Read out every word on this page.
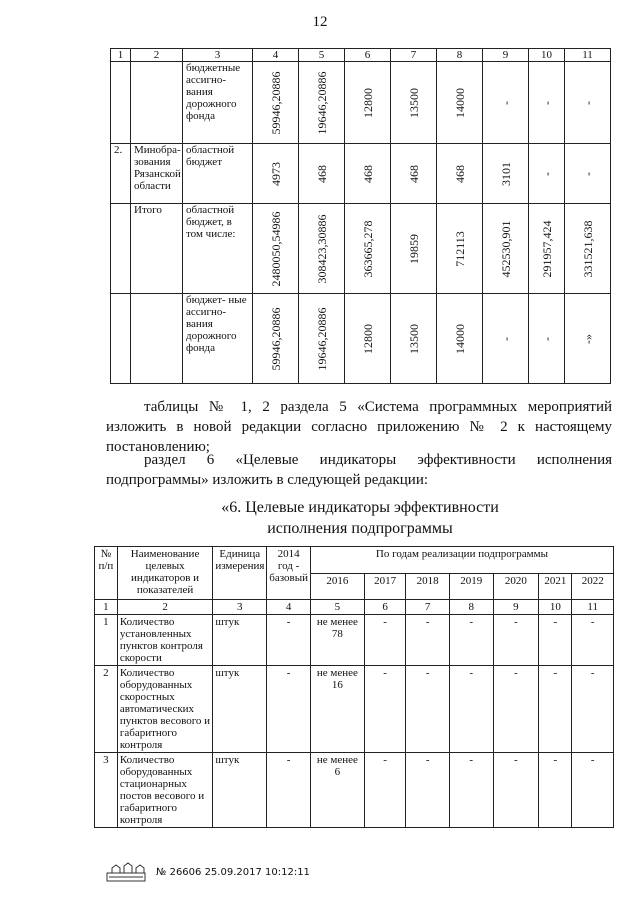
12
1	2	3	4	5	6	7	8	9	10	11
		бюджетные ассигно- вания дорожного фонда	59946,20886	19646,20886	12800	13500	14000	-	-	-

2.	Минобра- зования Рязанской области	областной бюджет	4973	468	468	468	468	3101	-	-

	Итого	областной бюджет, в том числе:	2480050,54986	308423,30886	363665,278	19859	712113	452530,901	291957,424	331521,638

		бюджет- ные ассигно- вания дорожного фонда	59946,20886	19646,20886	12800	13500	14000	-	-	-»
таблицы № 1, 2 раздела 5 «Система программных мероприятий изложить в новой редакции согласно приложению № 2 к настоящему постановлению;
раздел 6 «Целевые индикаторы эффективности исполнения подпрограммы» изложить в следующей редакции:
«6. Целевые индикаторы эффективности
исполнения подпрограммы
№ п/п	Наименование целевых индикаторов и показателей	Единица измерения	2014 год - базовый	По годам реализации подпрограммы						
				2016	2017	2018	2019	2020	2021	2022
1	2	3	4	5	6	7	8	9	10	11
1	Количество установленных пунктов контроля скорости	штук	-	не менее 78	-	-	-	-	-	-
2	Количество оборудованных скоростных автоматических пунктов весового и габаритного контроля	штук	-	не менее 16	-	-	-	-	-	-
3	Количество оборудованных стационарных постов весового и габаритного контроля	штук	-	не менее 6	-	-	-	-	-	-
№ 26606 25.09.2017 10:12:11
